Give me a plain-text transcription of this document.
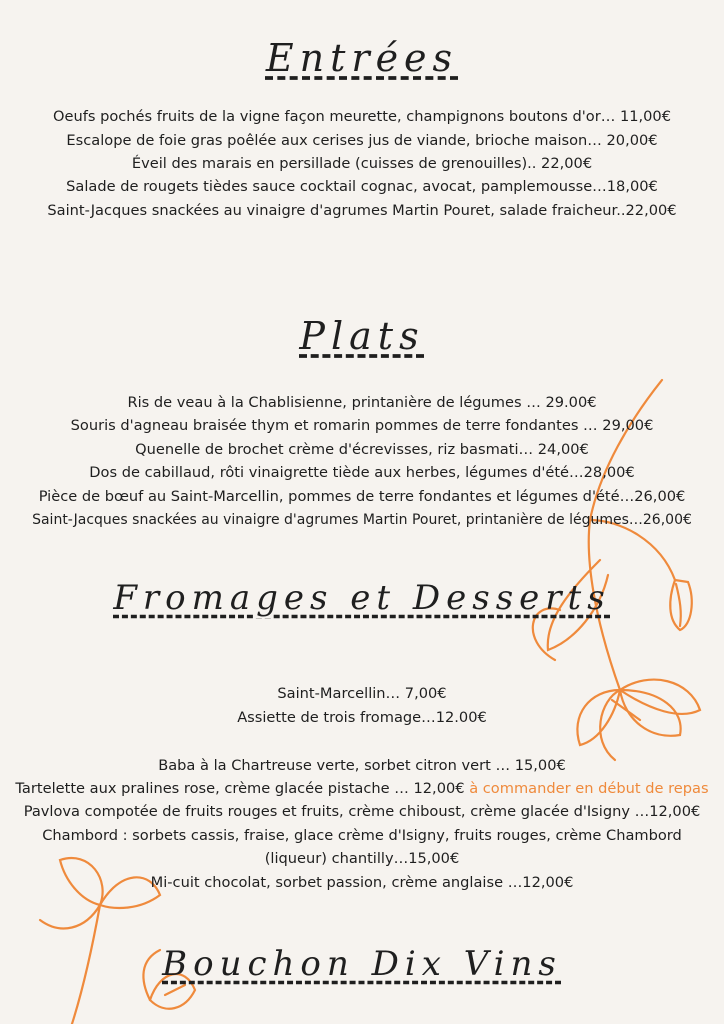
Entrées
Oeufs pochés fruits de la vigne façon meurette, champignons boutons d'or… 11,00€
Escalope de foie gras poêlée aux cerises jus de viande, brioche maison… 20,00€
Éveil des marais en persillade (cuisses de grenouilles).. 22,00€
Salade de rougets tièdes sauce cocktail cognac, avocat, pamplemousse…18,00€
Saint-Jacques snackées au vinaigre d'agrumes Martin Pouret, salade fraicheur..22,00€
Plats
Ris de veau à la Chablisienne, printanière de légumes … 29.00€
Souris d'agneau braisée thym et romarin pommes de terre fondantes … 29,00€
Quenelle de brochet crème d'écrevisses, riz basmati… 24,00€
Dos de cabillaud, rôti vinaigrette tiède aux herbes, légumes d'été…28,00€
Pièce de bœuf au Saint-Marcellin, pommes de terre fondantes et légumes d'été…26,00€
Saint-Jacques snackées au vinaigre d'agrumes Martin Pouret, printanière de légumes…26,00€
Fromages et Desserts
Saint-Marcellin… 7,00€
Assiette de trois fromage…12.00€
Baba à la Chartreuse verte, sorbet citron vert … 15,00€
Tartelette aux pralines rose, crème glacée pistache … 12,00€ à commander en début de repas
Pavlova compotée de fruits rouges et fruits, crème chiboust, crème glacée d'Isigny …12,00€
Chambord : sorbets cassis, fraise, glace crème d'Isigny, fruits rouges, crème Chambord
(liqueur) chantilly…15,00€
Mi-cuit chocolat, sorbet passion, crème anglaise …12,00€
Bouchon Dix Vins
